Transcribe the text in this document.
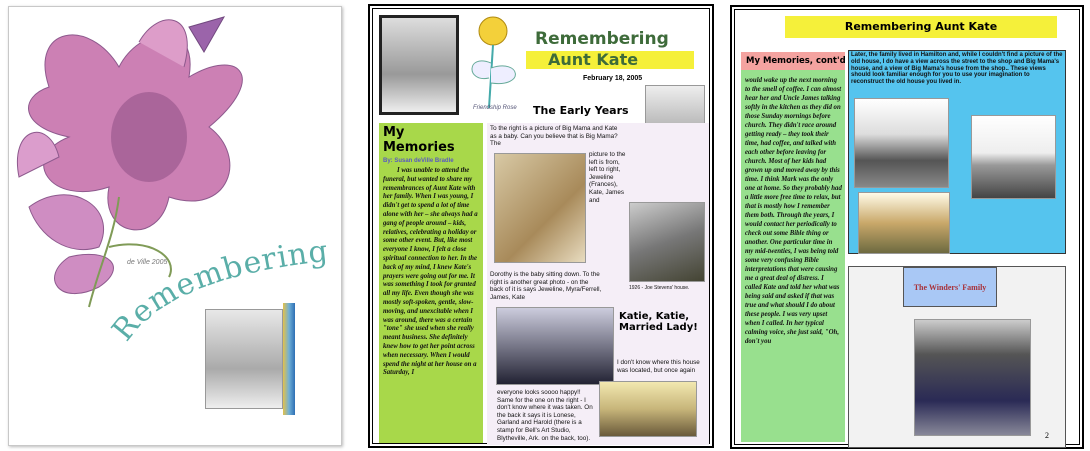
de Ville 2005
Remembering
Friendship Rose
Remembering
Aunt Kate
February 18, 2005
The Early Years
My Memories
By: Susan deVille Bradle
I was unable to attend the funeral, but wanted to share my remembrances of Aunt Kate with her family. When I was young, I didn't get to spend a lot of time alone with her – she always had a gang of people around – kids, relatives, celebrating a holiday or some other event. But, like most everyone I know, I felt a close spiritual connection to her. In the back of my mind, I knew Kate's prayers were going out for me. It was something I took for granted all my life. Even though she was mostly soft-spoken, gentle, slow-moving, and unexcitable when I was around, there was a certain "tone" she used when she really meant business. She definitely knew how to get her point across when necessary. When I would spend the night at her house on a Saturday, I
To the right is a picture of Big Mama and Kate as a baby. Can you believe that is Big Mama? The
picture to the left is from, left to right, Jeweline (Frances), Kate, James and
1926 - Joe Stevens' house.
Dorothy is the baby sitting down. To the right is another great photo - on the back of it is says Jeweline, Myra/Ferrell, James, Kate
Katie, Katie, Married Lady!
I don't know where this house was located, but once again
everyone looks soooo happy!! Same for the one on the right - I don't know where it was taken. On the back it says it is Lonese, Garland and Harold (there is a stamp for Bell's Art Studio, Blytheville, Ark. on the back, too).
Remembering Aunt Kate
My Memories, cont'd
would wake up the next morning to the smell of coffee. I can almost hear her and Uncle James talking softly in the kitchen as they did on those Sunday mornings before church. They didn't race around getting ready – they took their time, had coffee, and talked with each other before leaving for church. Most of her kids had grown up and moved away by this time. I think Mark was the only one at home. So they probably had a little more free time to relax, but that is mostly how I remember them both. Through the years, I would contact her periodically to check out some Bible thing or another. One particular time in my mid-twenties, I was being told some very confusing Bible interpretations that were causing me a great deal of distress. I called Kate and told her what was being said and asked if that was true and what should I do about these people. I was very upset when I called. In her typical calming voice, she just said, "Oh, don't you
Later, the family lived in Hamilton and, while I couldn't find a picture of the old house, I do have a view across the street to the shop and Big Mama's house, and a view of Big Mama's house from the shop.. These views should look familiar enough for you to use your imagination to reconstruct the old house you lived in.
The Winders' Family
2
